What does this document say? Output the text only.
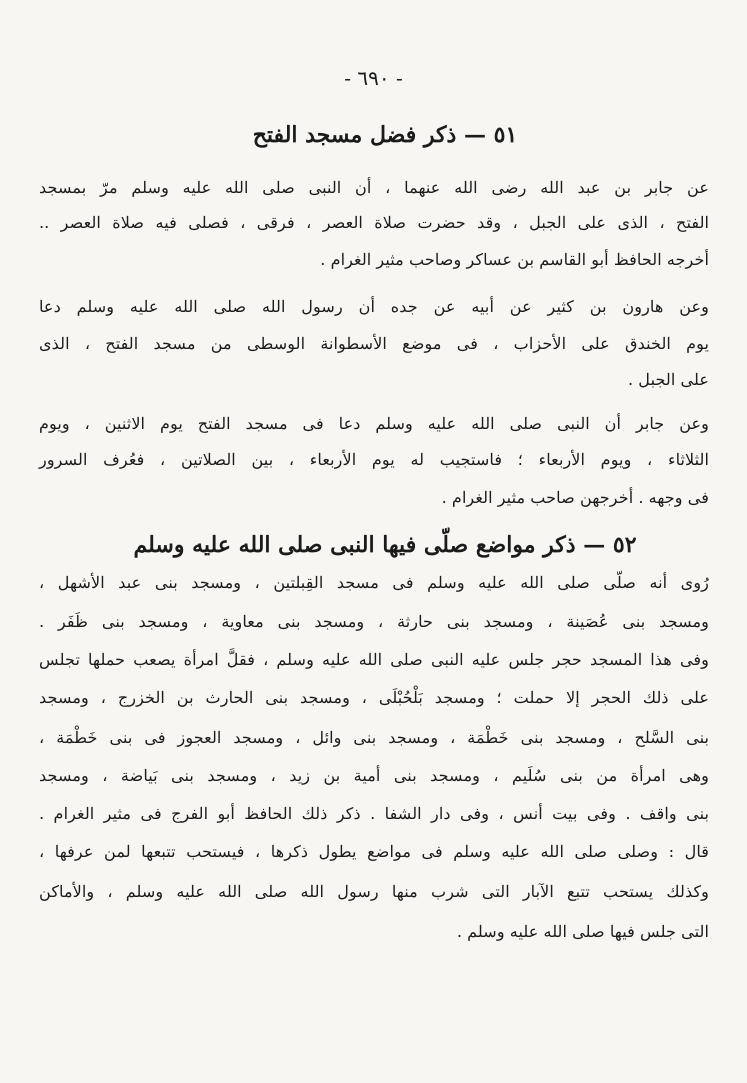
- ٦٩٠ -
٥١ — ذكر فضل مسجد الفتح
عن جابر بن عبد الله رضى الله عنهما ، أن النبى صلى الله عليه وسلم مرّ بمسجد
الفتح ، الذى على الجبل ، وقد حضرت صلاة العصر ، فرقى ، فصلى فيه صلاة العصر ..
أخرجه الحافظ أبو القاسم بن عساكر وصاحب مثير الغرام .
وعن هارون بن كثير عن أبيه عن جده أن رسول الله صلى الله عليه وسلم دعا
يوم الخندق على الأحزاب ، فى موضع الأسطوانة الوسطى من مسجد الفتح ، الذى
على الجبل .
وعن جابر أن النبى صلى الله عليه وسلم دعا فى مسجد الفتح يوم الاثنين ، ويوم
الثلاثاء ، ويوم الأربعاء ؛ فاستجيب له يوم الأربعاء ، بين الصلاتين ، فعُرف السرور
فى وجهه . أخرجهن صاحب مثير الغرام .
٥٢ — ذكر مواضع صلّى فيها النبى صلى الله عليه وسلم
رُوى أنه صلّى صلى الله عليه وسلم فى مسجد القِبلتين ، ومسجد بنى عبد الأشهل ،
ومسجد بنى عُصَينة ، ومسجد بنى حارثة ، ومسجد بنى معاوية ، ومسجد بنى ظَفَر .
وفى هذا المسجد حجر جلس عليه النبى صلى الله عليه وسلم ، فقلَّ امرأة يصعب حملها تجلس
على ذلك الحجر إلا حملت ؛ ومسجد بَلْحُبْلَى ، ومسجد بنى الحارث بن الخزرج ، ومسجد
بنى السَّلح ، ومسجد بنى خَطْمَة ، ومسجد بنى وائل ، ومسجد العجوز فى بنى خَطْمَة ،
وهى امرأة من بنى سُلَيم ، ومسجد بنى أمية بن زيد ، ومسجد بنى بَياضة ، ومسجد
بنى واقف . وفى بيت أنس ، وفى دار الشفا . ذكر ذلك الحافظ أبو الفرج فى مثير الغرام .
قال : وصلى صلى الله عليه وسلم فى مواضع يطول ذكرها ، فيستحب تتبعها لمن عرفها ،
وكذلك يستحب تتبع الآبار التى شرب منها رسول الله صلى الله عليه وسلم ، والأماكن
التى جلس فيها صلى الله عليه وسلم .
